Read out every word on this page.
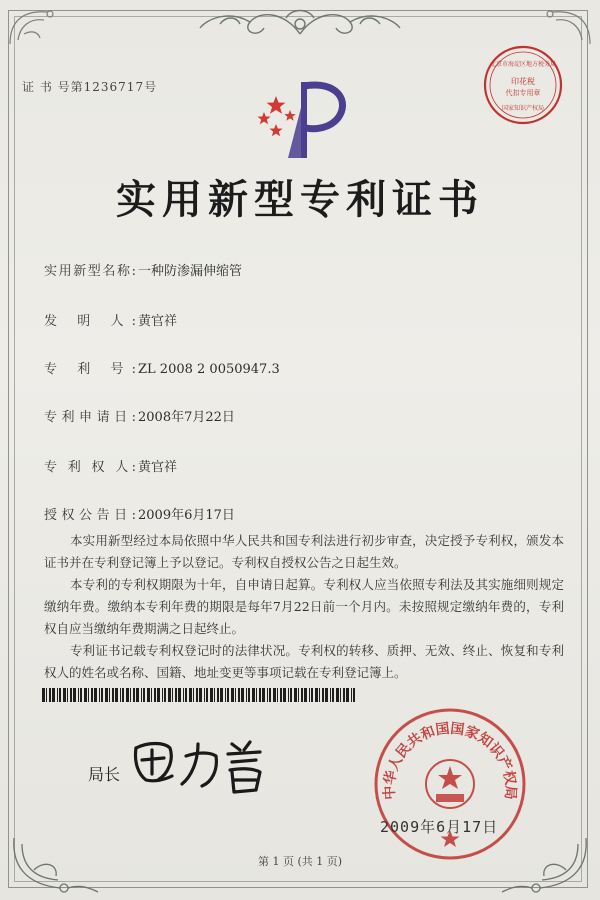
证 书 号第1236717号
北京市海淀区地方税务局
印花税
代扣专用章
国家知识产权局
实用新型专利证书
实用新型名称: 一种防渗漏伸缩管
发 明 人: 黄官祥
专 利 号: ZL 2008 2 0050947.3
专利申请日: 2008年7月22日
专 利 权 人: 黄官祥
授权公告日: 2009年6月17日
本实用新型经过本局依照中华人民共和国专利法进行初步审查，决定授予专利权，颁发本证书并在专利登记簿上予以登记。专利权自授权公告之日起生效。
本专利的专利权期限为十年，自申请日起算。专利权人应当依照专利法及其实施细则规定缴纳年费。缴纳本专利年费的期限是每年7月22日前一个月内。未按照规定缴纳年费的，专利权自应当缴纳年费期满之日起终止。
专利证书记载专利权登记时的法律状况。专利权的转移、质押、无效、终止、恢复和专利权人的姓名或名称、国籍、地址变更等事项记载在专利登记簿上。
局长
中华人民共和国国家知识产权局
2009年6月17日
第 1 页 (共 1 页)
